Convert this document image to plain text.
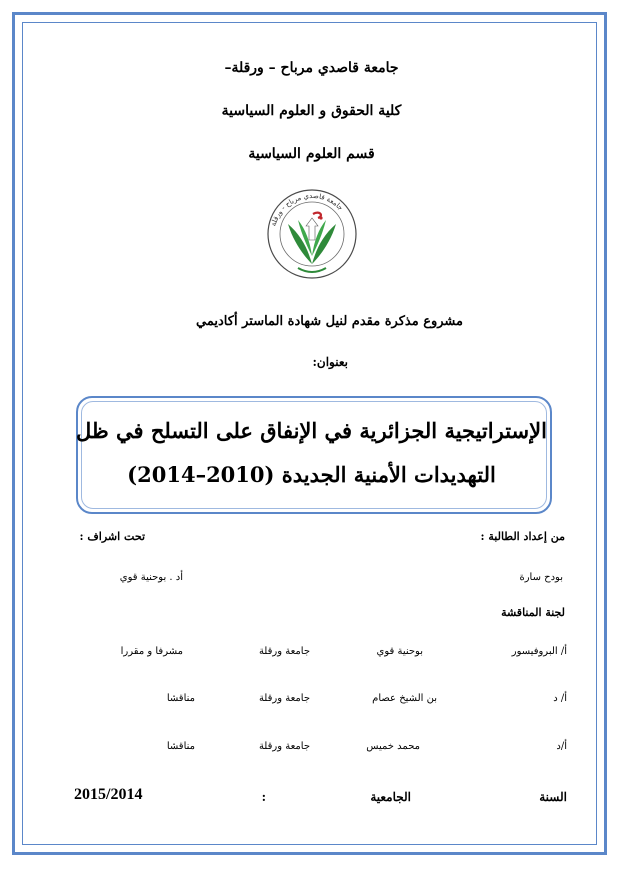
جامعة قاصدي مرباح – ورقلة–
كلية الحقوق و العلوم السياسية
قسم العلوم السياسية
جامعة قاصدي مرباح - ورقلة
مشروع مذكرة مقدم لنيل شهادة الماستر أكاديمي
بعنوان:
الإستراتيجية الجزائرية في الإنفاق على التسلح في ظل
التهديدات الأمنية الجديدة (2010–2014)
من إعداد الطالبة :
تحت اشراف :
بودح سارة
أد . بوحنية قوي
لجنة المناقشة
أ/ البروفيسور
بوحنية قوي
جامعة ورقلة
مشرفا و مقررا
أ/ د
بن الشيخ عصام
جامعة ورقلة
مناقشا
أ/د
محمد خميس
جامعة ورقلة
مناقشا
السنة
الجامعية
:
2015/2014
